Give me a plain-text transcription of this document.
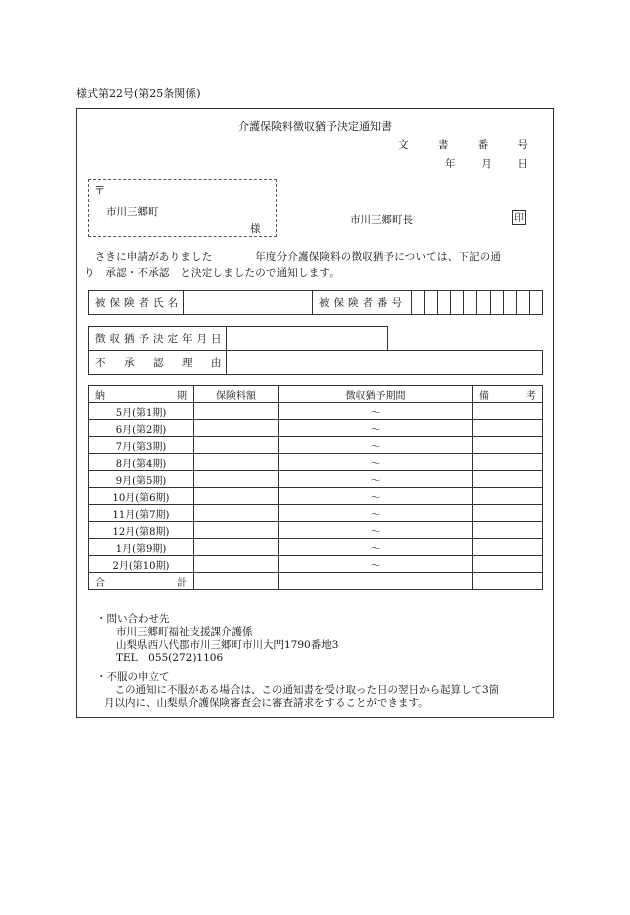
様式第22号(第25条関係)
介護保険料徴収猶予決定通知書
文	書	番	号
年 月 日
〒
市川三郷町
様
市川三郷町長	印
　さきに申請がありました　　　　年度分介護保険料の徴収猶予については、下記の通
り　承認・不承認　と決定しましたので通知します。
被保険者氏名		被保険者番号										
徴収猶予決定年月日		
不　承　認　理　由		
納 期	保険料額	徴収猶予期間	備 考

5月(第1期)		〜	
6月(第2期)		〜	
7月(第3期)		〜	
8月(第4期)		〜	
9月(第5期)		〜	
10月(第6期)		〜	
11月(第7期)		〜	
12月(第8期)		〜	
1月(第9期)		〜	
2月(第10期)		〜	

合 計			

・問い合わせ先
市川三郷町福祉支援課介護係
山梨県西八代郡市川三郷町市川大門1790番地3
TEL　055(272)1106
・不服の申立て
　この通知に不服がある場合は、この通知書を受け取った日の翌日から起算して3箇
月以内に、山梨県介護保険審査会に審査請求をすることができます。
